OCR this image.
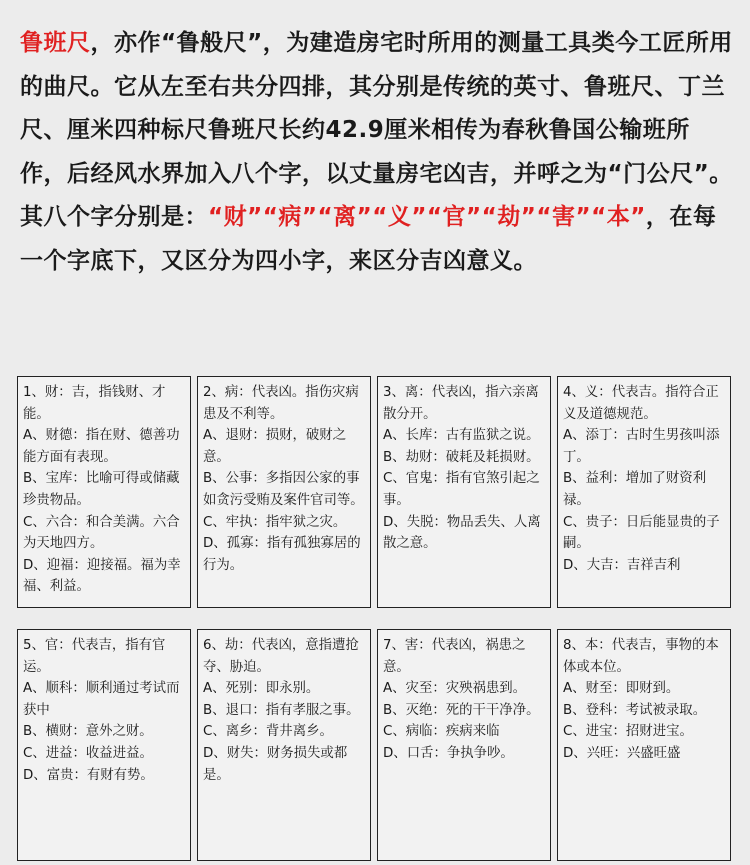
鲁班尺，亦作“鲁般尺”，为建造房宅时所用的测量工具类今工匠所用的曲尺。它从左至右共分四排，其分别是传统的英寸、鲁班尺、丁兰尺、厘米四种标尺鲁班尺长约42.9厘米相传为春秋鲁国公输班所作，后经风水界加入八个字，以丈量房宅凶吉，并呼之为“门公尺”。其八个字分别是：“财”“病”“离”“义”“官”“劫”“害”“本”，在每一个字底下，又区分为四小字，来区分吉凶意义。

1、财：吉，指钱财、才能。
A、财德：指在财、德善功能方面有表现。
B、宝库：比喻可得或储藏珍贵物品。
C、六合：和合美满。六合为天地四方。
D、迎福：迎接福。福为幸福、利益。
2、病：代表凶。指伤灾病患及不利等。
A、退财：损财，破财之意。
B、公事：多指因公家的事如贪污受贿及案件官司等。
C、牢执：指牢狱之灾。
D、孤寡：指有孤独寡居的行为。
3、离：代表凶，指六亲离散分开。
A、长库：古有监狱之说。
B、劫财：破耗及耗损财。
C、官鬼：指有官煞引起之事。
D、失脱：物品丢失、人离散之意。
4、义：代表吉。指符合正义及道德规范。
A、添丁：古时生男孩叫添丁。
B、益利：增加了财资利禄。
C、贵子：日后能显贵的子嗣。
D、大吉：吉祥吉利
5、官：代表吉，指有官运。
A、顺科：顺利通过考试而获中
B、横财：意外之财。
C、进益：收益进益。
D、富贵：有财有势。
6、劫：代表凶，意指遭抢夺、胁迫。
A、死别：即永别。
B、退口：指有孝服之事。
C、离乡：背井离乡。
D、财失：财务损失或都是。
7、害：代表凶，祸患之意。
A、灾至：灾殃祸患到。
B、灭绝：死的干干净净。
C、病临：疾病来临
D、口舌：争执争吵。
8、本：代表吉，事物的本体或本位。
A、财至：即财到。
B、登科：考试被录取。
C、进宝：招财进宝。
D、兴旺：兴盛旺盛
